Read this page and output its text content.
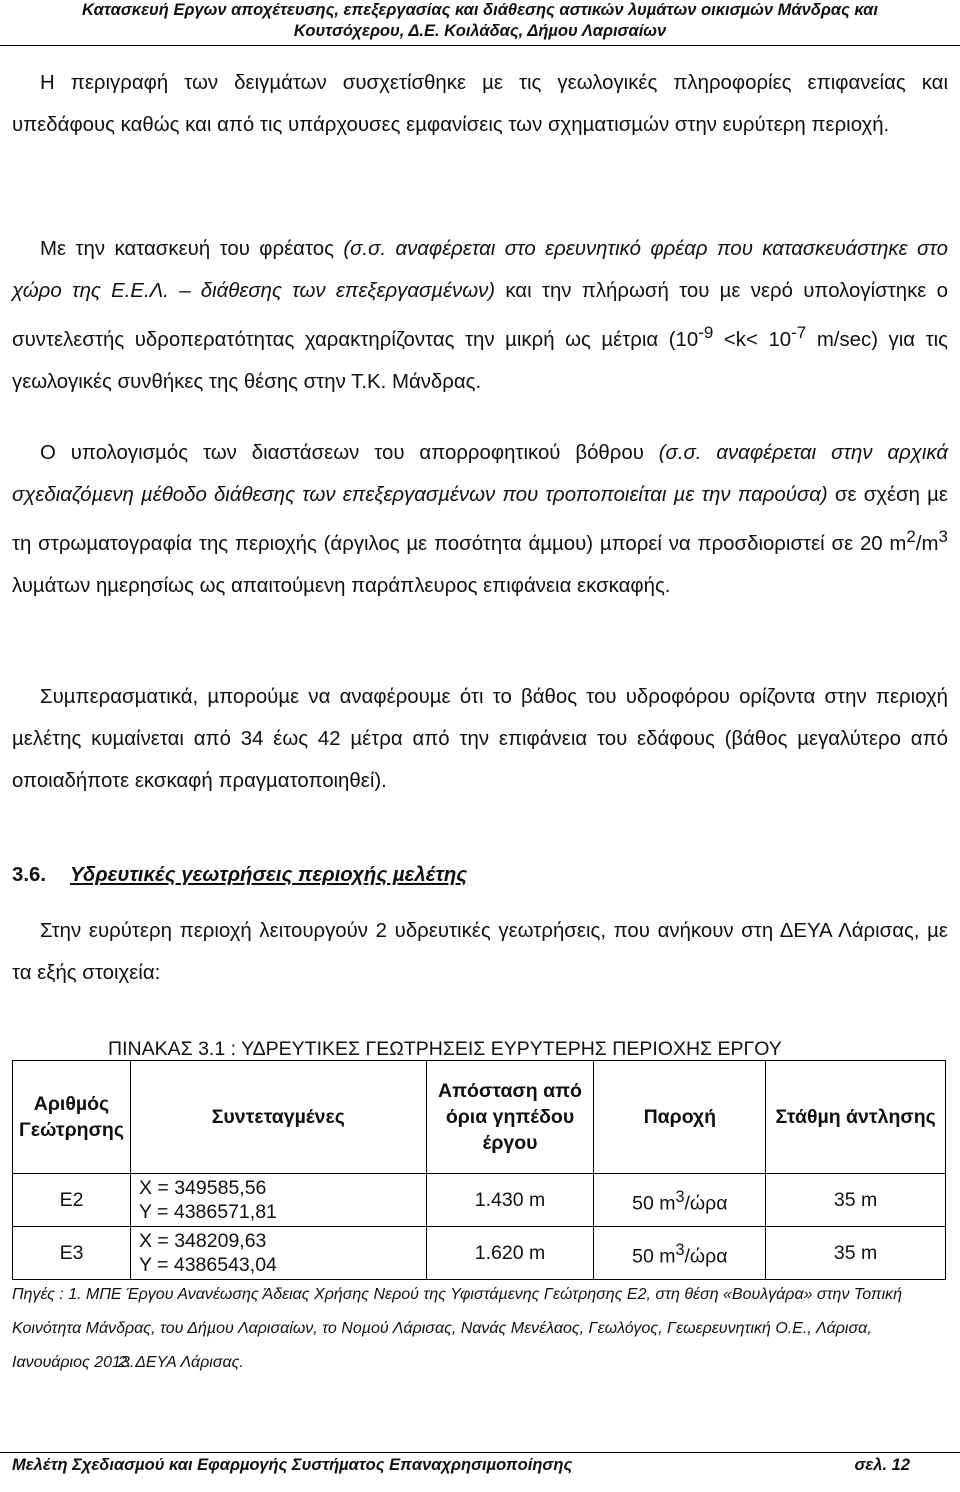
Κατασκευή Εργων αποχέτευσης, επεξεργασίας και διάθεσης αστικών λυµάτων οικισµών Μάνδρας και
Κουτσόχερου, Δ.Ε. Κοιλάδας, Δήµου Λαρισαίων

Η περιγραφή των δειγµάτων συσχετίσθηκε µε τις γεωλογικές πληροφορίες επιφανείας και υπεδάφους καθώς και από τις υπάρχουσες εµφανίσεις των σχηµατισµών στην ευρύτερη περιοχή.

Με την κατασκευή του φρέατος (σ.σ. αναφέρεται στο ερευνητικό φρέαρ που κατασκευάστηκε στο χώρο της Ε.Ε.Λ. – διάθεσης των επεξεργασµένων) και την πλήρωσή του µε νερό υπολογίστηκε ο συντελεστής υδροπερατότητας χαρακτηρίζοντας την µικρή ως µέτρια ($10^{-9} <k< 10^{-7}$ m/sec) για τις γεωλογικές συνθήκες της θέσης στην Τ.Κ. Μάνδρας.

Ο υπολογισµός των διαστάσεων του απορροφητικού βόθρου (σ.σ. αναφέρεται στην αρχικά σχεδιαζόµενη µέθοδο διάθεσης των επεξεργασµένων που τροποποιείται µε την παρούσα) σε σχέση µε τη στρωµατογραφία της περιοχής (άργιλος µε ποσότητα άµµου) µπορεί να προσδιοριστεί σε 20 $m^2/m^3$ λυµάτων ηµερησίως ως απαιτούµενη παράπλευρος επιφάνεια εκσκαφής.

Συµπερασµατικά, µπορούµε να αναφέρουµε ότι το βάθος του υδροφόρου ορίζοντα στην περιοχή µελέτης κυµαίνεται από 34 έως 42 µέτρα από την επιφάνεια του εδάφους (βάθος µεγαλύτερο από οποιαδήποτε εκσκαφή πραγµατοποιηθεί).

3.6. Υδρευτικές γεωτρήσεις περιοχής µελέτης

Στην ευρύτερη περιοχή λειτουργούν 2 υδρευτικές γεωτρήσεις, που ανήκουν στη ΔΕΥΑ Λάρισας, µε τα εξής στοιχεία:

ΠΙΝΑΚΑΣ 3.1 : ΥΔΡΕΥΤΙΚΕΣ ΓΕΩΤΡΗΣΕΙΣ ΕΥΡΥΤΕΡΗΣ ΠΕΡΙΟΧΗΣ ΕΡΓΟΥ
Αριθµός Γεώτρησης	Συντεταγµένες	Απόσταση από όρια γηπέδου έργου	Παροχή	Στάθµη άντλησης
Ε2	X = 349585,56
Y = 4386571,81	1.430 m	50 $m^3$/ώρα	35 m
Ε3	X = 348209,63
Y = 4386543,04	1.620 m	50 $m^3$/ώρα	35 m

Πηγές : 1. ΜΠΕ Έργου Ανανέωσης Άδειας Χρήσης Νερού της Υφιστάµενης Γεώτρησης Ε2, στη θέση «Βουλγάρα» στην Τοπική Κοινότητα Μάνδρας, του Δήµου Λαρισαίων, το Νοµού Λάρισας, Νανάς Μενέλαος, Γεωλόγος, Γεωερευνητική Ο.Ε., Λάρισα, Ιανουάριος 2013.

2. ΔΕΥΑ Λάρισας.

Μελέτη Σχεδιασµού και Εφαρµογής Συστήµατος Επαναχρησιµοποίησης	σελ. 12
